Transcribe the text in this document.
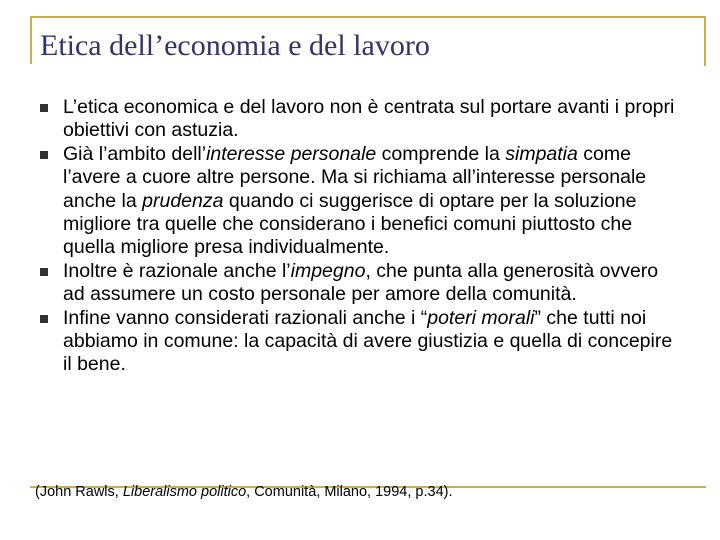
Etica dell’economia e del lavoro
L’etica economica e del lavoro non è centrata sul portare avanti i propri obiettivi con astuzia.
Già l’ambito dell’interesse personale comprende la simpatia come l’avere a cuore altre persone. Ma si richiama all’interesse personale anche la prudenza quando ci suggerisce di optare per la soluzione migliore tra quelle che considerano i benefici comuni piuttosto che quella migliore presa individualmente.
Inoltre è razionale anche l’impegno, che punta alla generosità ovvero ad assumere un costo personale per amore della comunità.
Infine vanno considerati razionali anche i “poteri morali” che tutti noi abbiamo in comune: la capacità di avere giustizia e quella di concepire il bene.
(John Rawls, Liberalismo politico, Comunità, Milano, 1994, p.34).
